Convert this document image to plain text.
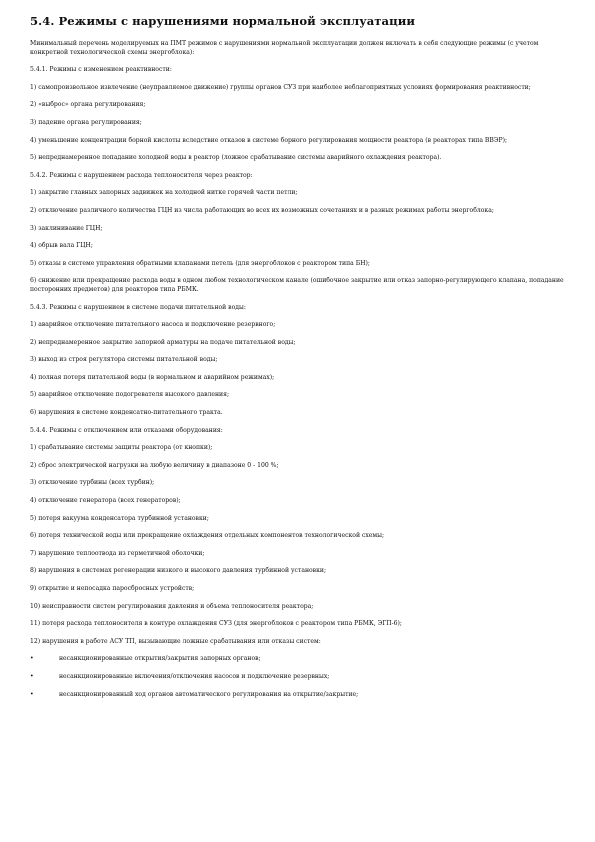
5.4. Режимы с нарушениями нормальной эксплуатации
Минимальный перечень моделируемых на ПМТ режимов с нарушениями нормальной эксплуатации должен включать в себя следующие режимы (с учетом конкретной технологической схемы энергоблока):
5.4.1. Режимы с изменением реактивности:
1) самопроизвольное извлечение (неуправляемое движение) группы органов СУЗ при наиболее неблагоприятных условиях формирования реактивности;
2) «выброс» органа регулирования;
3) падение органа регулирования;
4) уменьшение концентрации борной кислоты вследствие отказов в системе борного регулирования мощности реактора (в реакторах типа ВВЭР);
5) непреднамеренное попадание холодной воды в реактор (ложное срабатывание системы аварийного охлаждения реактора).
5.4.2. Режимы с нарушением расхода теплоносителя через реактор:
1) закрытие главных запорных задвижек на холодной нитке горячей части петли;
2) отключение различного количества ГЦН из числа работающих во всех их возможных сочетаниях и в разных режимах работы энергоблока;
3) заклинивание ГЦН;
4) обрыв вала ГЦН;
5) отказы в системе управления обратными клапанами петель (для энергоблоков с реактором типа БН);
6) снижение или прекращение расхода воды в одном любом технологическом канале (ошибочное закрытие или отказ запорно-регулирующего клапана, попадание посторонних предметов) для реакторов типа РБМК.
5.4.3. Режимы с нарушением в системе подачи питательной воды:
1) аварийное отключение питательного насоса и подключение резервного;
2) непреднамеренное закрытие запорной арматуры на подаче питательной воды;
3) выход из строя регулятора системы питательной воды;
4) полная потеря питательной воды (в нормальном и аварийном режимах);
5) аварийное отключение подогревателя высокого давления;
6) нарушения в системе конденсатно-питательного тракта.
5.4.4. Режимы с отключением или отказами оборудования:
1) срабатывание системы защиты реактора (от кнопки);
2) сброс электрической нагрузки на любую величину в диапазоне 0 - 100 %;
3) отключение турбины (всех турбин);
4) отключение генератора (всех генераторов);
5) потеря вакуума конденсатора турбинной установки;
6) потеря технической воды или прекращение охлаждения отдельных компонентов технологической схемы;
7) нарушение теплоотвода из герметичной оболочки;
8) нарушения в системах регенерации низкого и высокого давления турбинной установки;
9) открытие и непосадка паросбросных устройств;
10) неисправности систем регулирования давления и объема теплоносителя реактора;
11) потеря расхода теплоносителя в контуре охлаждения СУЗ (для энергоблоков с реактором типа РБМК, ЭГП-6);
12) нарушения в работе АСУ ТП, вызывающие ложные срабатывания или отказы систем:
•	несанкционированные открытия/закрытия запорных органов;
•	несанкционированные включения/отключения насосов и подключение резервных;
•	несанкционированный ход органов автоматического регулирования на открытие/закрытие;
